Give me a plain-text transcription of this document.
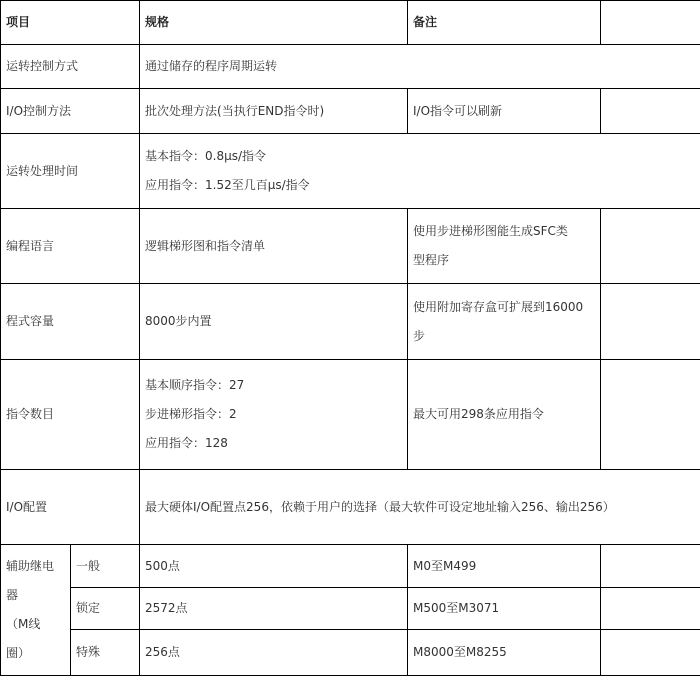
项目		规格	备注	
运转控制方式		通过储存的程序周期运转		
I/O控制方法		批次处理方法(当执行END指令时)	I/O指令可以刷新	
运转处理时间		基本指令：0.8μs/指令
应用指令：1.52至几百μs/指令		

编程语言		逻辑梯形图和指令清单	使用步进梯形图能生成SFC类
型程序	

程式容量		8000步内置	使用附加寄存盒可扩展到16000
步	

指令数目		基本顺序指令：27
步进梯形指令：2
应用指令：128	最大可用298条应用指令	
I/O配置		最大硬体I/O配置点256，依赖于用户的选择（最大软件可设定地址输入256、输出256）		

辅助继电
器
（M线
圈）	一般	500点	M0至M499	
	锁定	2572点	M500至M3071	
	特殊	256点	M8000至M8255	
